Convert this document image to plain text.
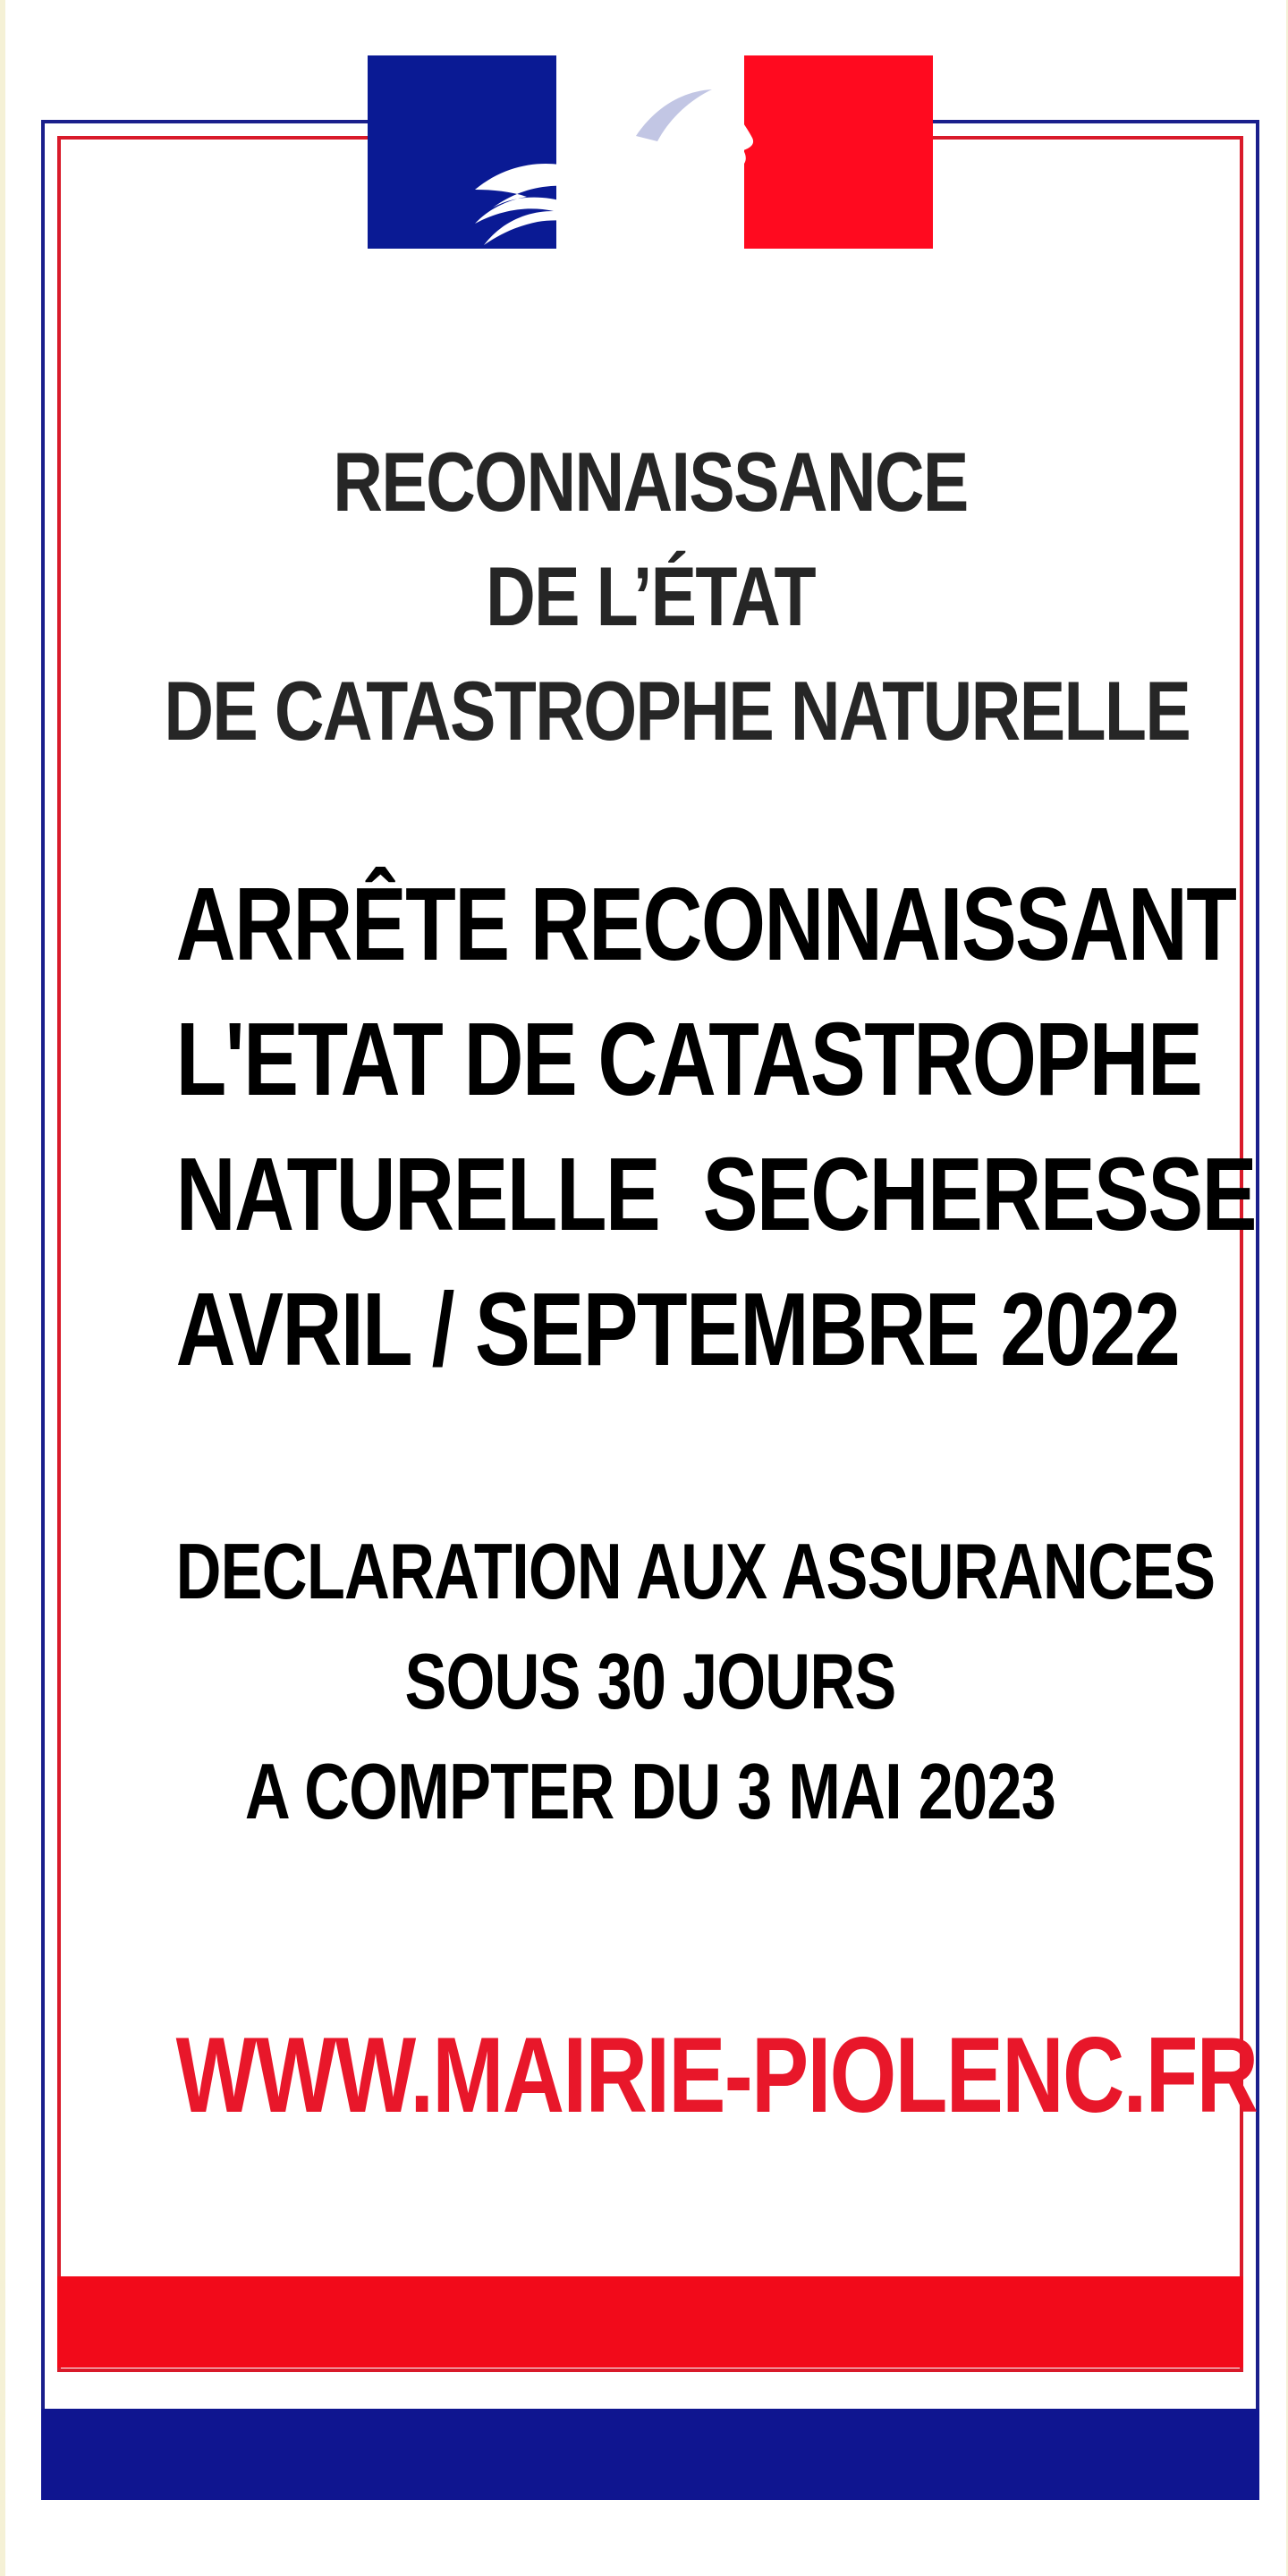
RECONNAISSANCE
DE L’ÉTAT
DE CATASTROPHE NATURELLE
ARRÊTE RECONNAISSANT
L'ETAT DE CATASTROPHE
NATURELLE  SECHERESSE
AVRIL / SEPTEMBRE 2022

DECLARATION AUX ASSURANCES
SOUS 30 JOURS
A COMPTER DU 3 MAI 2023

WWW.MAIRIE-PIOLENC.FR
